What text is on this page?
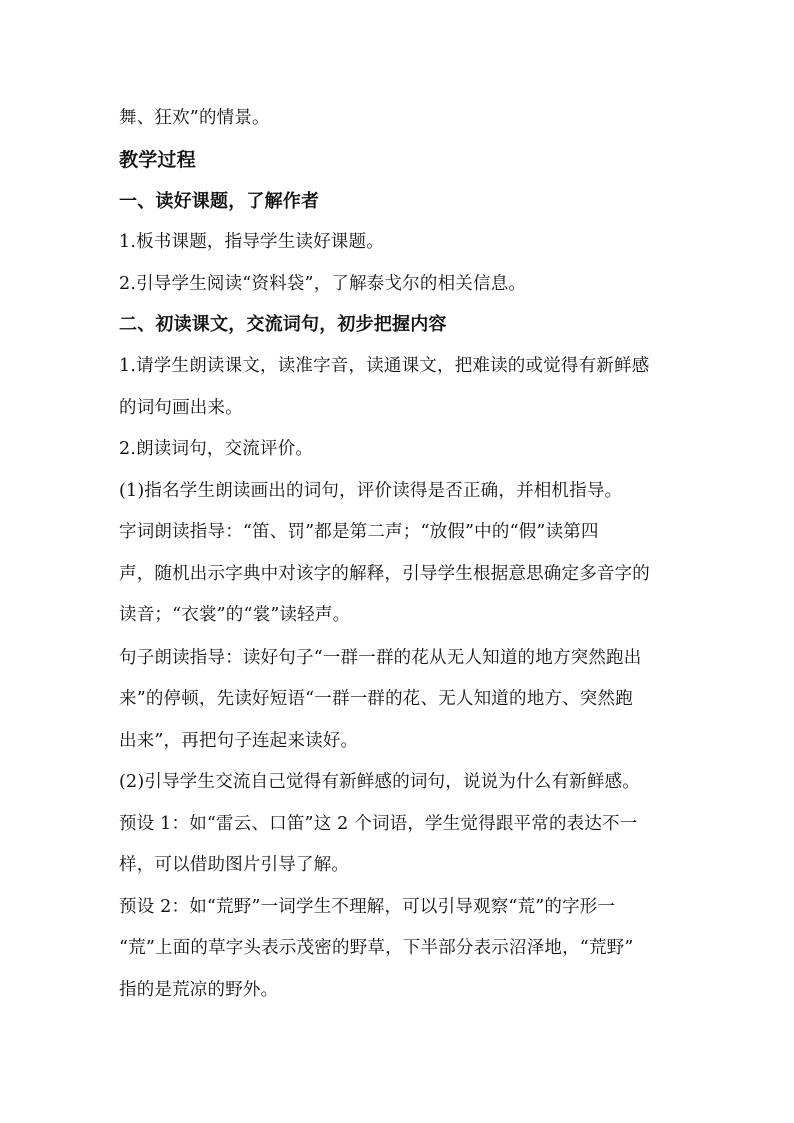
舞、狂欢”的情景。
教学过程
一、读好课题，了解作者
1.板书课题，指导学生读好课题。
2.引导学生阅读“资料袋”，了解泰戈尔的相关信息。
二、初读课文，交流词句，初步把握内容
1.请学生朗读课文，读准字音，读通课文，把难读的或觉得有新鲜感
的词句画出来。
2.朗读词句，交流评价。
(1)指名学生朗读画出的词句，评价读得是否正确，并相机指导。
字词朗读指导：“笛、罚”都是第二声；“放假”中的“假”读第四
声，随机出示字典中对该字的解释，引导学生根据意思确定多音字的
读音；“衣裳”的“裳”读轻声。
句子朗读指导：读好句子“一群一群的花从无人知道的地方突然跑出
来”的停顿，先读好短语“一群一群的花、无人知道的地方、突然跑
出来”，再把句子连起来读好。
(2)引导学生交流自己觉得有新鲜感的词句，说说为什么有新鲜感。
预设 1：如“雷云、口笛”这 2 个词语，学生觉得跟平常的表达不一
样，可以借助图片引导了解。
预设 2：如“荒野”一词学生不理解，可以引导观察“荒”的字形一
“荒”上面的草字头表示茂密的野草，下半部分表示沼泽地，“荒野”
指的是荒凉的野外。
